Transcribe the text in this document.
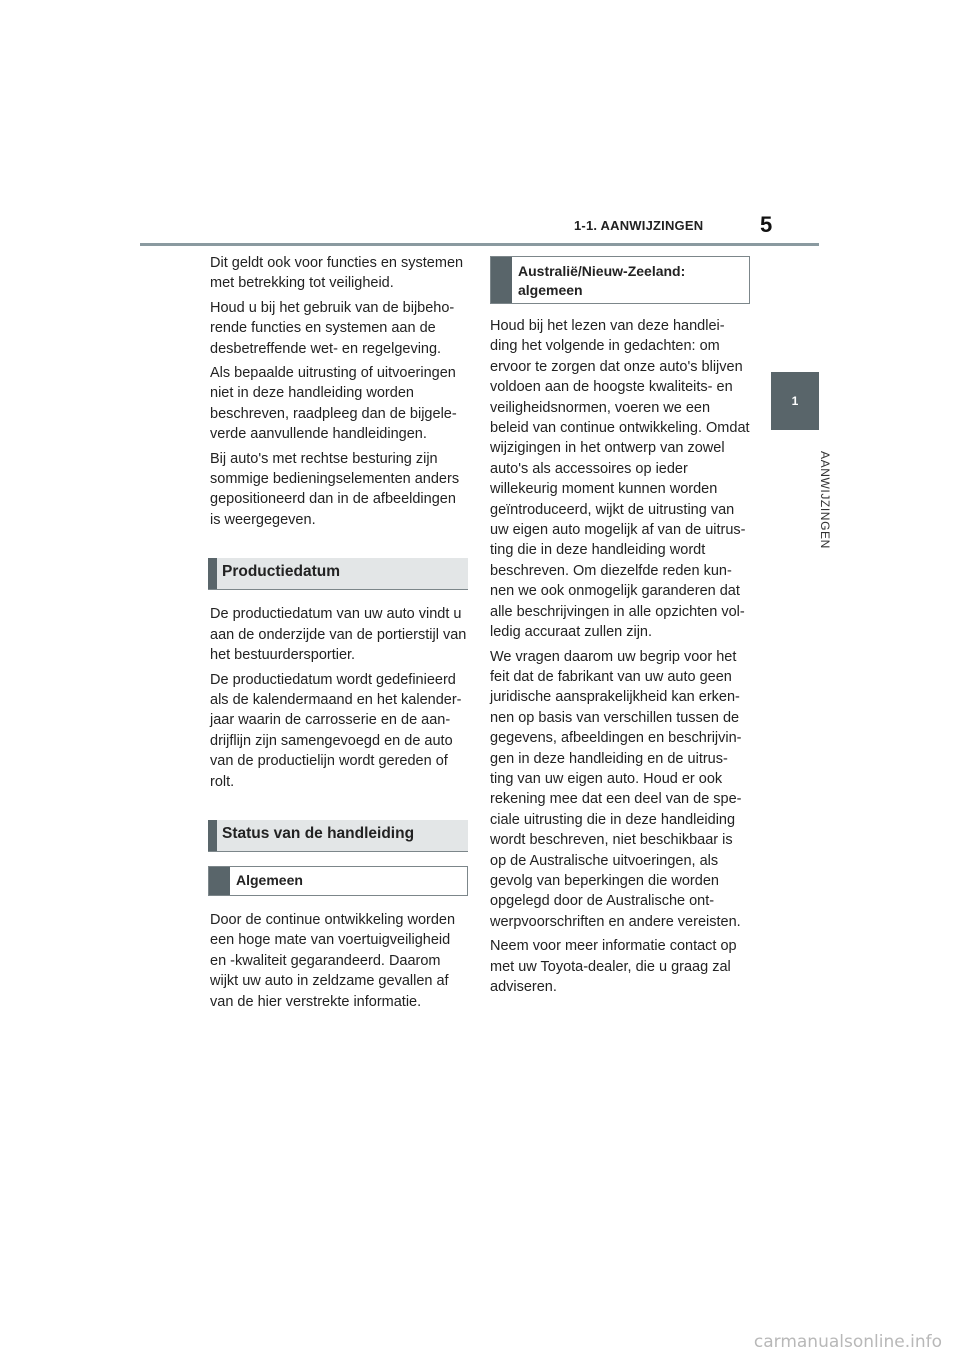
1-1. AANWIJZINGEN	5
1
AANWIJZINGEN

Dit geldt ook voor functies en systemen met betrekking tot veiligheid.

Houd u bij het gebruik van de bijbeho- rende functies en systemen aan de desbetreffende wet- en regelgeving.

Als bepaalde uitrusting of uitvoeringen niet in deze handleiding worden beschreven, raadpleeg dan de bijgele- verde aanvullende handleidingen.

Bij auto's met rechtse besturing zijn sommige bedieningselementen anders gepositioneerd dan in de afbeeldingen is weergegeven.

Productiedatum

De productiedatum van uw auto vindt u aan de onderzijde van de portierstijl van het bestuurdersportier.

De productiedatum wordt gedefinieerd als de kalendermaand en het kalender- jaar waarin de carrosserie en de aan- drijflijn zijn samengevoegd en de auto van de productielijn wordt gereden of rolt.

Status van de handleiding
Algemeen

Door de continue ontwikkeling worden een hoge mate van voertuigveiligheid en -kwaliteit gegarandeerd. Daarom wijkt uw auto in zeldzame gevallen af van de hier verstrekte informatie.

Australië/Nieuw-Zeeland: algemeen

Houd bij het lezen van deze handlei- ding het volgende in gedachten: om ervoor te zorgen dat onze auto's blijven voldoen aan de hoogste kwaliteits- en veiligheidsnormen, voeren we een beleid van continue ontwikkeling. Omdat wijzigingen in het ontwerp van zowel auto's als accessoires op ieder willekeurig moment kunnen worden geïntroduceerd, wijkt de uitrusting van uw eigen auto mogelijk af van de uitrus- ting die in deze handleiding wordt beschreven. Om diezelfde reden kun- nen we ook onmogelijk garanderen dat alle beschrijvingen in alle opzichten vol- ledig accuraat zullen zijn.

We vragen daarom uw begrip voor het feit dat de fabrikant van uw auto geen juridische aansprakelijkheid kan erken- nen op basis van verschillen tussen de gegevens, afbeeldingen en beschrijvin- gen in deze handleiding en de uitrus- ting van uw eigen auto. Houd er ook rekening mee dat een deel van de spe- ciale uitrusting die in deze handleiding wordt beschreven, niet beschikbaar is op de Australische uitvoeringen, als gevolg van beperkingen die worden opgelegd door de Australische ont- werpvoorschriften en andere vereisten.

Neem voor meer informatie contact op met uw Toyota-dealer, die u graag zal adviseren.

carmanualsonline.info
